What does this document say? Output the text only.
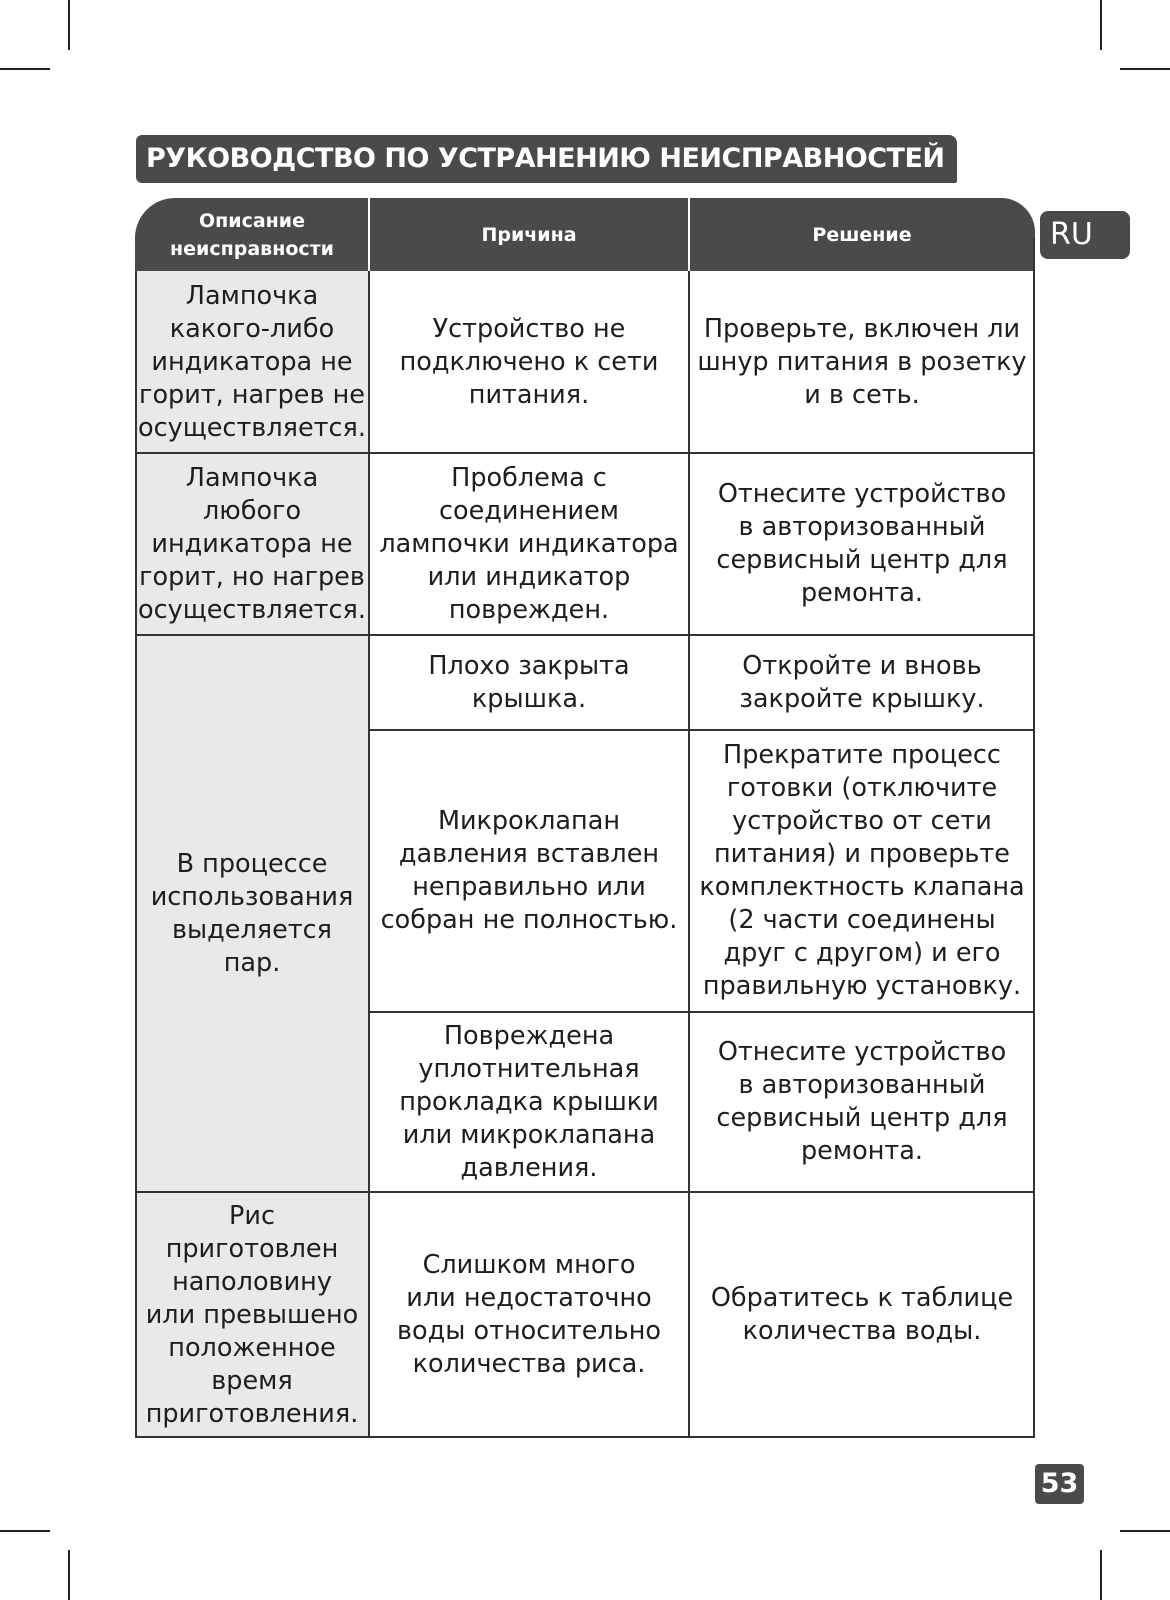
РУКОВОДСТВО ПО УСТРАНЕНИЮ НЕИСПРАВНОСТЕЙ
RU
Описание
неисправности
Причина	Решение
Лампочка
какого-либо
индикатора не
горит, нагрев не
осуществляется.
Устройство не
подключено к сети
питания.
Проверьте, включен ли
шнур питания в розетку
и в сеть.
Лампочка
любого
индикатора не
горит, но нагрев
осуществляется.
Проблема с
соединением
лампочки индикатора
или индикатор
поврежден.
Отнесите устройство
в авторизованный
сервисный центр для
ремонта.
В процессе
использования
выделяется
пар.
Плохо закрыта
крышка.
Откройте и вновь
закройте крышку.
Микроклапан
давления вставлен
неправильно или
собран не полностью.
Прекратите процесс
готовки (отключите
устройство от сети
питания) и проверьте
комплектность клапана
(2 части соединены
друг с другом) и его
правильную установку.
Повреждена
уплотнительная
прокладка крышки
или микроклапана
давления.
Отнесите устройство
в авторизованный
сервисный центр для
ремонта.
Рис
приготовлен
наполовину
или превышено
положенное
время
приготовления.
Слишком много
или недостаточно
воды относительно
количества риса.
Обратитесь к таблице
количества воды.
53
